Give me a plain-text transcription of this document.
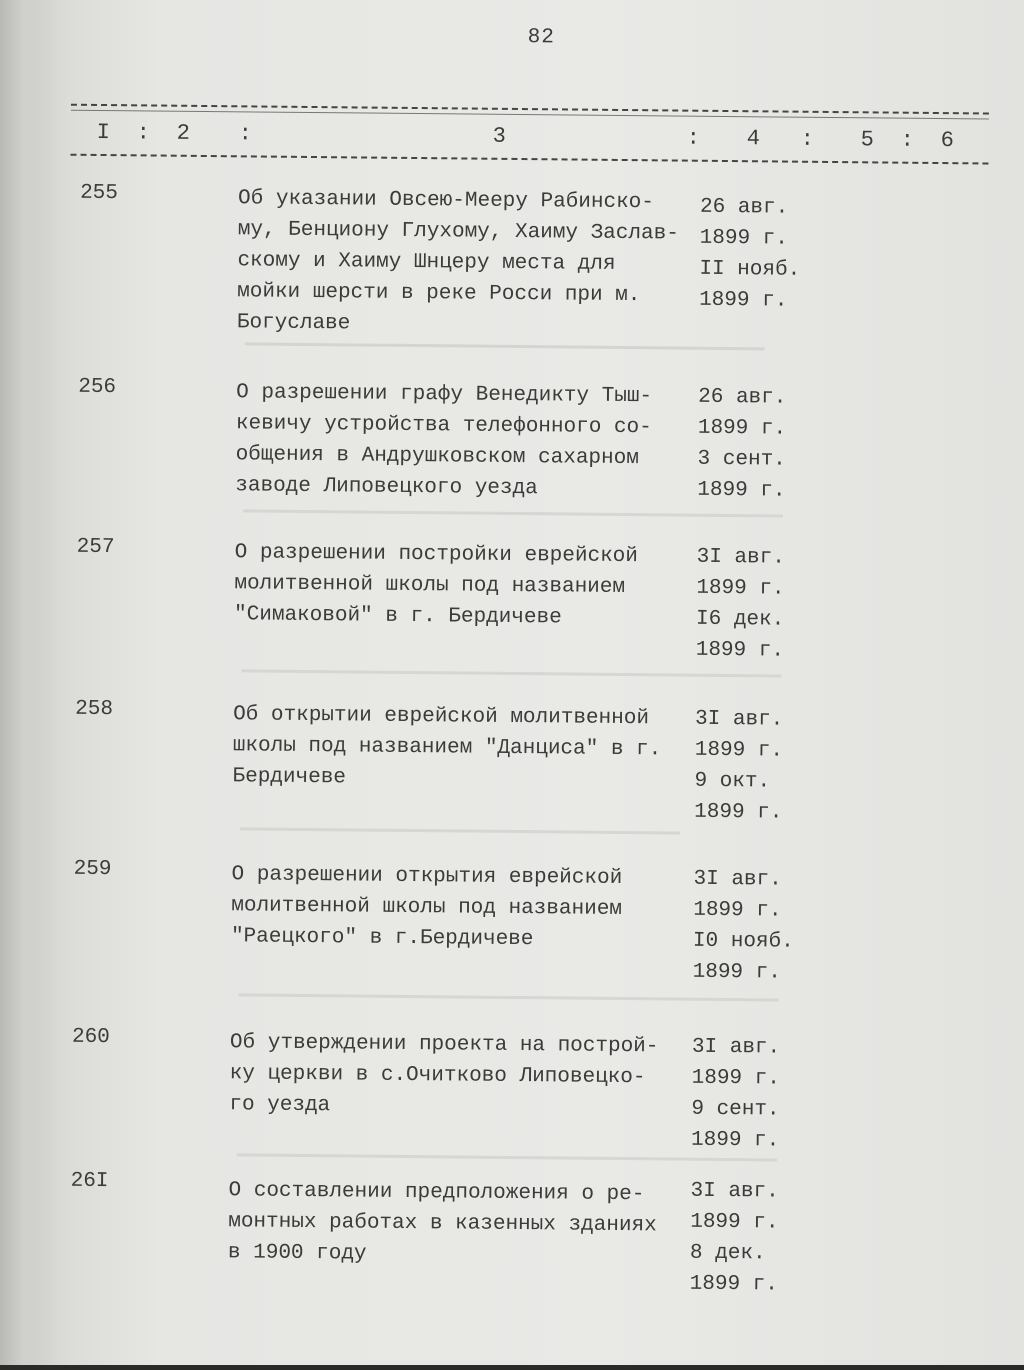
82
I : 2 :	3	: 4 : 5 : 6
255	Об указании Овсею-Мееру Рабинско-
му, Бенциону Глухому, Хаиму Заслав-
скому и Хаиму Шнцеру места для
мойки шерсти в реке Росси при м.
Богуславе
26 авг.
1899 г.
II нояб.
1899 г.
256	О разрешении графу Венедикту Тыш-
кевичу устройства телефонного со-
общения в Андрушковском сахарном
заводе Липовецкого уезда
26 авг.
1899 г.
3 сент.
1899 г.
257	О разрешении постройки еврейской
молитвенной школы под названием
"Симаковой" в г. Бердичеве
3I авг.
1899 г.
I6 дек.
1899 г.
258	Об открытии еврейской молитвенной
школы под названием "Данциса" в г.
Бердичеве
3I авг.
1899 г.
9 окт.
1899 г.
259	О разрешении открытия еврейской
молитвенной школы под названием
"Раецкого" в г.Бердичеве
3I авг.
1899 г.
I0 нояб.
1899 г.
260	Об утверждении проекта на построй-
ку церкви в с.Очитково Липовецко-
го уезда
3I авг.
1899 г.
9 сент.
1899 г.
26I	О составлении предположения о ре-
монтных работах в казенных зданиях
в 1900 году
3I авг.
1899 г.
8 дек.
1899 г.
